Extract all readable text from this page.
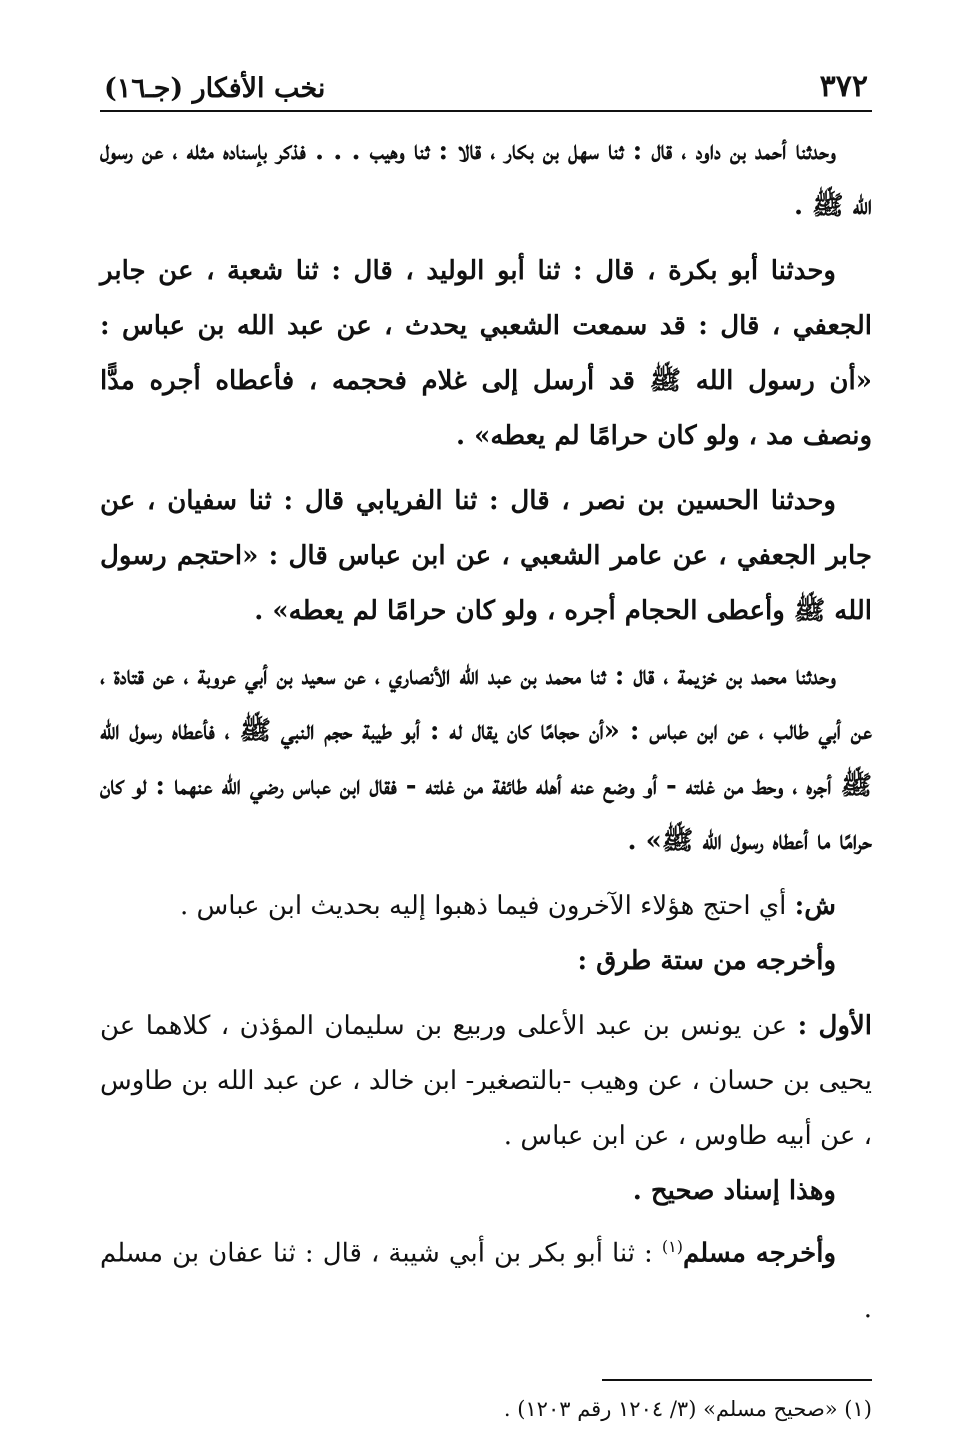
٣٧٢
نخب الأفكار (جـ١٦)

وحدثنا أحمد بن داود ، قال : ثنا سهل بن بكار ، قالا : ثنا وهيب . . . فذكر بإسناده مثله ، عن رسول الله ﷺ .

وحدثنا أبو بكرة ، قال : ثنا أبو الوليد ، قال : ثنا شعبة ، عن جابر الجعفي ، قال : قد سمعت الشعبي يحدث ، عن عبد الله بن عباس : «أن رسول الله ﷺ قد أرسل إلى غلام فحجمه ، فأعطاه أجره مدًّا ونصف مد ، ولو كان حرامًا لم يعطه» .

وحدثنا الحسين بن نصر ، قال : ثنا الفريابي قال : ثنا سفيان ، عن جابر الجعفي ، عن عامر الشعبي ، عن ابن عباس قال : «احتجم رسول الله ﷺ وأعطى الحجام أجره ، ولو كان حرامًا لم يعطه» .

وحدثنا محمد بن خزيمة ، قال : ثنا محمد بن عبد الله الأنصاري ، عن سعيد بن أبي عروبة ، عن قتادة ، عن أبي طالب ، عن ابن عباس : «أن حجامًا كان يقال له : أبو طيبة حجم النبي ﷺ ، فأعطاه رسول الله ﷺ أجره ، وحط من غلته - أو وضع عنه أهله طائفة من غلته - فقال ابن عباس رضي الله عنهما : لو كان حرامًا ما أعطاه رسول الله ﷺ» .

ش: أي احتج هؤلاء الآخرون فيما ذهبوا إليه بحديث ابن عباس .

وأخرجه من ستة طرق :

الأول : عن يونس بن عبد الأعلى وربيع بن سليمان المؤذن ، كلاهما عن يحيى بن حسان ، عن وهيب -بالتصغير- ابن خالد ، عن عبد الله بن طاوس ، عن أبيه طاوس ، عن ابن عباس .

وهذا إسناد صحيح .

وأخرجه مسلم$^{(١)}$ : ثنا أبو بكر بن أبي شيبة ، قال : ثنا عفان بن مسلم .

(١) «صحيح مسلم» (٣/ ١٢٠٤ رقم ١٢٠٣) .
